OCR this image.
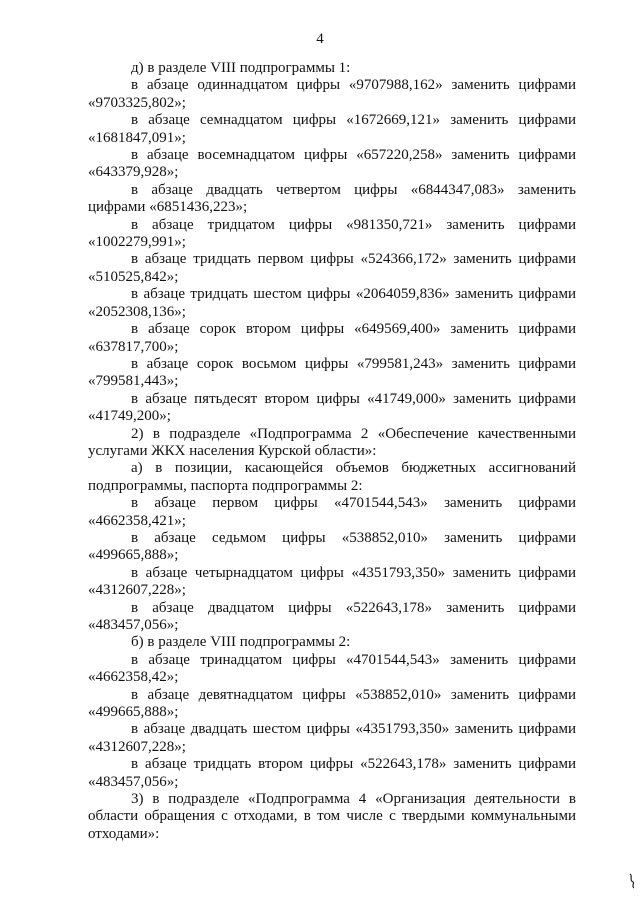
4

д) в разделе VIII подпрограммы 1:

в абзаце одиннадцатом цифры «9707988,162» заменить цифрами «9703325,802»;

в абзаце семнадцатом цифры «1672669,121» заменить цифрами «1681847,091»;

в абзаце восемнадцатом цифры «657220,258» заменить цифрами «643379,928»;

в абзаце двадцать четвертом цифры «6844347,083» заменить цифрами «6851436,223»;

в абзаце тридцатом цифры «981350,721» заменить цифрами «1002279,991»;

в абзаце тридцать первом цифры «524366,172» заменить цифрами «510525,842»;

в абзаце тридцать шестом цифры «2064059,836» заменить цифрами «2052308,136»;

в абзаце сорок втором цифры «649569,400» заменить цифрами «637817,700»;

в абзаце сорок восьмом цифры «799581,243» заменить цифрами «799581,443»;

в абзаце пятьдесят втором цифры «41749,000» заменить цифрами «41749,200»;

2) в подразделе «Подпрограмма 2 «Обеспечение качественными услугами ЖКХ населения Курской области»:

а) в позиции, касающейся объемов бюджетных ассигнований подпрограммы, паспорта подпрограммы 2:

в абзаце первом цифры «4701544,543» заменить цифрами «4662358,421»;

в абзаце седьмом цифры «538852,010» заменить цифрами «499665,888»;

в абзаце четырнадцатом цифры «4351793,350» заменить цифрами «4312607,228»;

в абзаце двадцатом цифры «522643,178» заменить цифрами «483457,056»;

б) в разделе VIII подпрограммы 2:

в абзаце тринадцатом цифры «4701544,543» заменить цифрами «4662358,42»;

в абзаце девятнадцатом цифры «538852,010» заменить цифрами «499665,888»;

в абзаце двадцать шестом цифры «4351793,350» заменить цифрами «4312607,228»;

в абзаце тридцать втором цифры «522643,178» заменить цифрами «483457,056»;

3) в подразделе «Подпрограмма 4 «Организация деятельности в области обращения с отходами, в том числе с твердыми коммунальными отходами»:
